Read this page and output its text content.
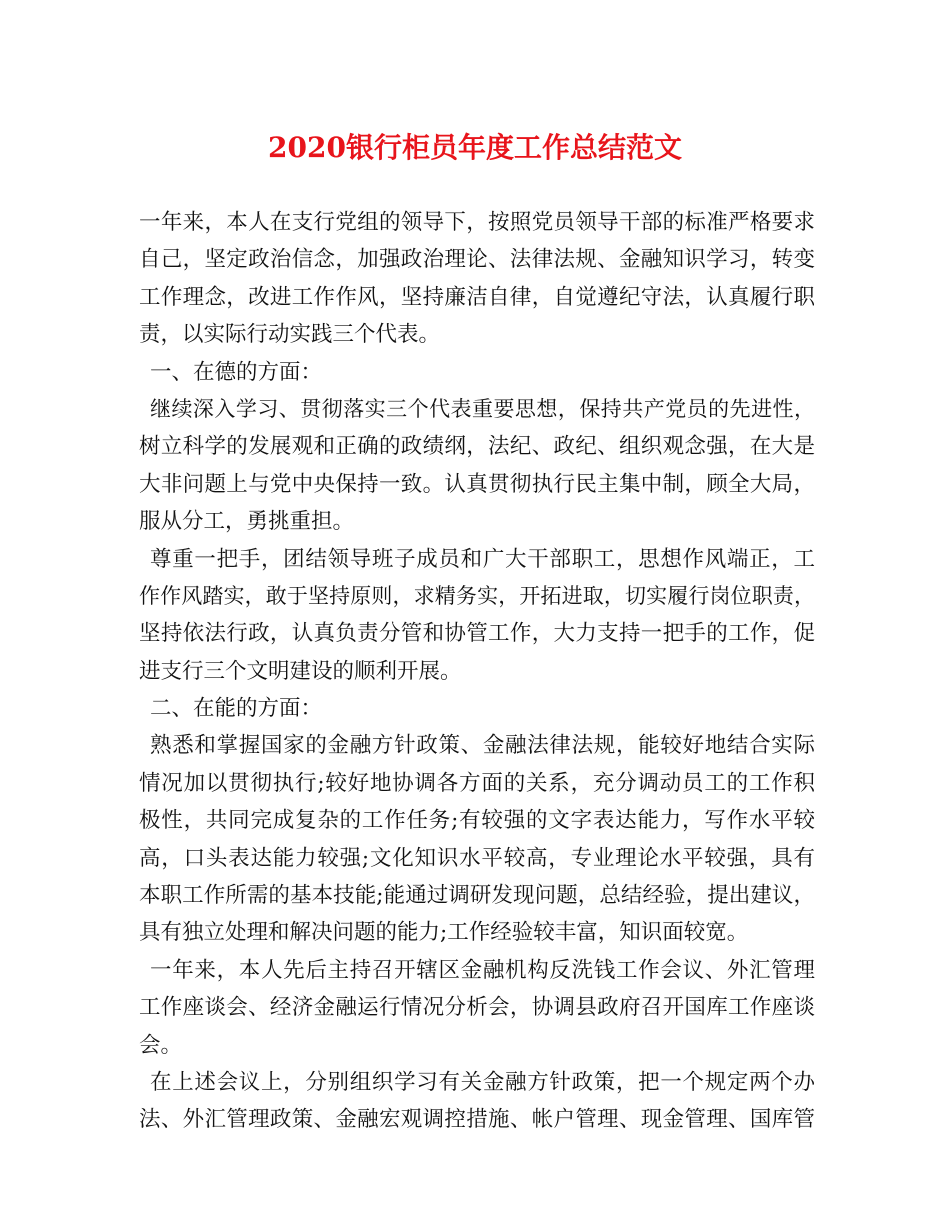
2020银行柜员年度工作总结范文
一年来，本人在支行党组的领导下，按照党员领导干部的标准严格要求
自己，坚定政治信念，加强政治理论、法律法规、金融知识学习，转变
工作理念，改进工作作风，坚持廉洁自律，自觉遵纪守法，认真履行职
责，以实际行动实践三个代表。
一、在德的方面：
继续深入学习、贯彻落实三个代表重要思想，保持共产党员的先进性，
树立科学的发展观和正确的政绩纲，法纪、政纪、组织观念强，在大是
大非问题上与党中央保持一致。认真贯彻执行民主集中制，顾全大局，
服从分工，勇挑重担。
尊重一把手，团结领导班子成员和广大干部职工，思想作风端正，工
作作风踏实，敢于坚持原则，求精务实，开拓进取，切实履行岗位职责，
坚持依法行政，认真负责分管和协管工作，大力支持一把手的工作，促
进支行三个文明建设的顺利开展。
二、在能的方面：
熟悉和掌握国家的金融方针政策、金融法律法规，能较好地结合实际
情况加以贯彻执行;较好地协调各方面的关系，充分调动员工的工作积
极性，共同完成复杂的工作任务;有较强的文字表达能力，写作水平较
高，口头表达能力较强;文化知识水平较高，专业理论水平较强，具有
本职工作所需的基本技能;能通过调研发现问题，总结经验，提出建议，
具有独立处理和解决问题的能力;工作经验较丰富，知识面较宽。
一年来，本人先后主持召开辖区金融机构反洗钱工作会议、外汇管理
工作座谈会、经济金融运行情况分析会，协调县政府召开国库工作座谈
会。
在上述会议上，分别组织学习有关金融方针政策，把一个规定两个办
法、外汇管理政策、金融宏观调控措施、帐户管理、现金管理、国库管
